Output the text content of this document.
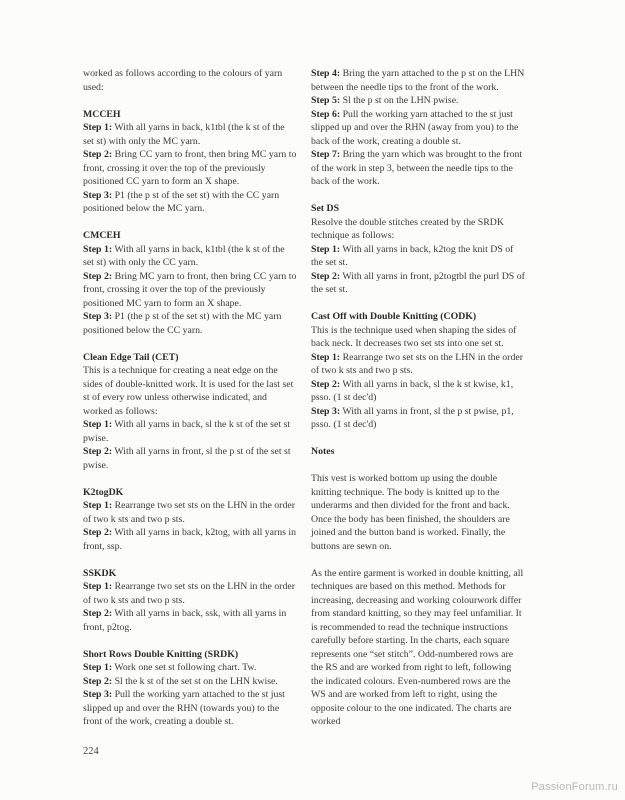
worked as follows according to the colours of yarn used:

MCCEH

Step 1: With all yarns in back, k1tbl (the k st of the set st) with only the MC yarn.

Step 2: Bring CC yarn to front, then bring MC yarn to front, crossing it over the top of the previously positioned CC yarn to form an X shape.

Step 3: P1 (the p st of the set st) with the CC yarn positioned below the MC yarn.

CMCEH

Step 1: With all yarns in back, k1tbl (the k st of the set st) with only the CC yarn.

Step 2: Bring MC yarn to front, then bring CC yarn to front, crossing it over the top of the previously positioned MC yarn to form an X shape.

Step 3: P1 (the p st of the set st) with the MC yarn positioned below the CC yarn.

Clean Edge Tail (CET)

This is a technique for creating a neat edge on the sides of double-knitted work. It is used for the last set st of every row unless otherwise indicated, and worked as follows:

Step 1: With all yarns in back, sl the k st of the set st pwise.

Step 2: With all yarns in front, sl the p st of the set st pwise.

K2togDK

Step 1: Rearrange two set sts on the LHN in the order of two k sts and two p sts.

Step 2: With all yarns in back, k2tog, with all yarns in front, ssp.

SSKDK

Step 1: Rearrange two set sts on the LHN in the order of two k sts and two p sts.

Step 2: With all yarns in back, ssk, with all yarns in front, p2tog.

Short Rows Double Knitting (SRDK)

Step 1: Work one set st following chart. Tw.

Step 2: Sl the k st of the set st on the LHN kwise.

Step 3: Pull the working yarn attached to the st just slipped up and over the RHN (towards you) to the front of the work, creating a double st.

Step 4: Bring the yarn attached to the p st on the LHN between the needle tips to the front of the work.

Step 5: Sl the p st on the LHN pwise.

Step 6: Pull the working yarn attached to the st just slipped up and over the RHN (away from you) to the back of the work, creating a double st.

Step 7: Bring the yarn which was brought to the front of the work in step 3, between the needle tips to the back of the work.

Set DS

Resolve the double stitches created by the SRDK technique as follows:

Step 1: With all yarns in back, k2tog the knit DS of the set st.

Step 2: With all yarns in front, p2togtbl the purl DS of the set st.

Cast Off with Double Knitting (CODK)

This is the technique used when shaping the sides of back neck. It decreases two set sts into one set st.

Step 1: Rearrange two set sts on the LHN in the order of two k sts and two p sts.

Step 2: With all yarns in back, sl the k st kwise, k1, psso. (1 st dec'd)

Step 3: With all yarns in front, sl the p st pwise, p1, psso. (1 st dec'd)

Notes

This vest is worked bottom up using the double knitting technique. The body is knitted up to the underarms and then divided for the front and back. Once the body has been finished, the shoulders are joined and the button band is worked. Finally, the buttons are sewn on.

As the entire garment is worked in double knitting, all techniques are based on this method. Methods for increasing, decreasing and working colourwork differ from standard knitting, so they may feel unfamiliar. It is recommended to read the technique instructions carefully before starting. In the charts, each square represents one “set stitch”. Odd-numbered rows are the RS and are worked from right to left, following the indicated colours. Even-numbered rows are the WS and are worked from left to right, using the opposite colour to the one indicated. The charts are worked

224
PassionForum.ru
